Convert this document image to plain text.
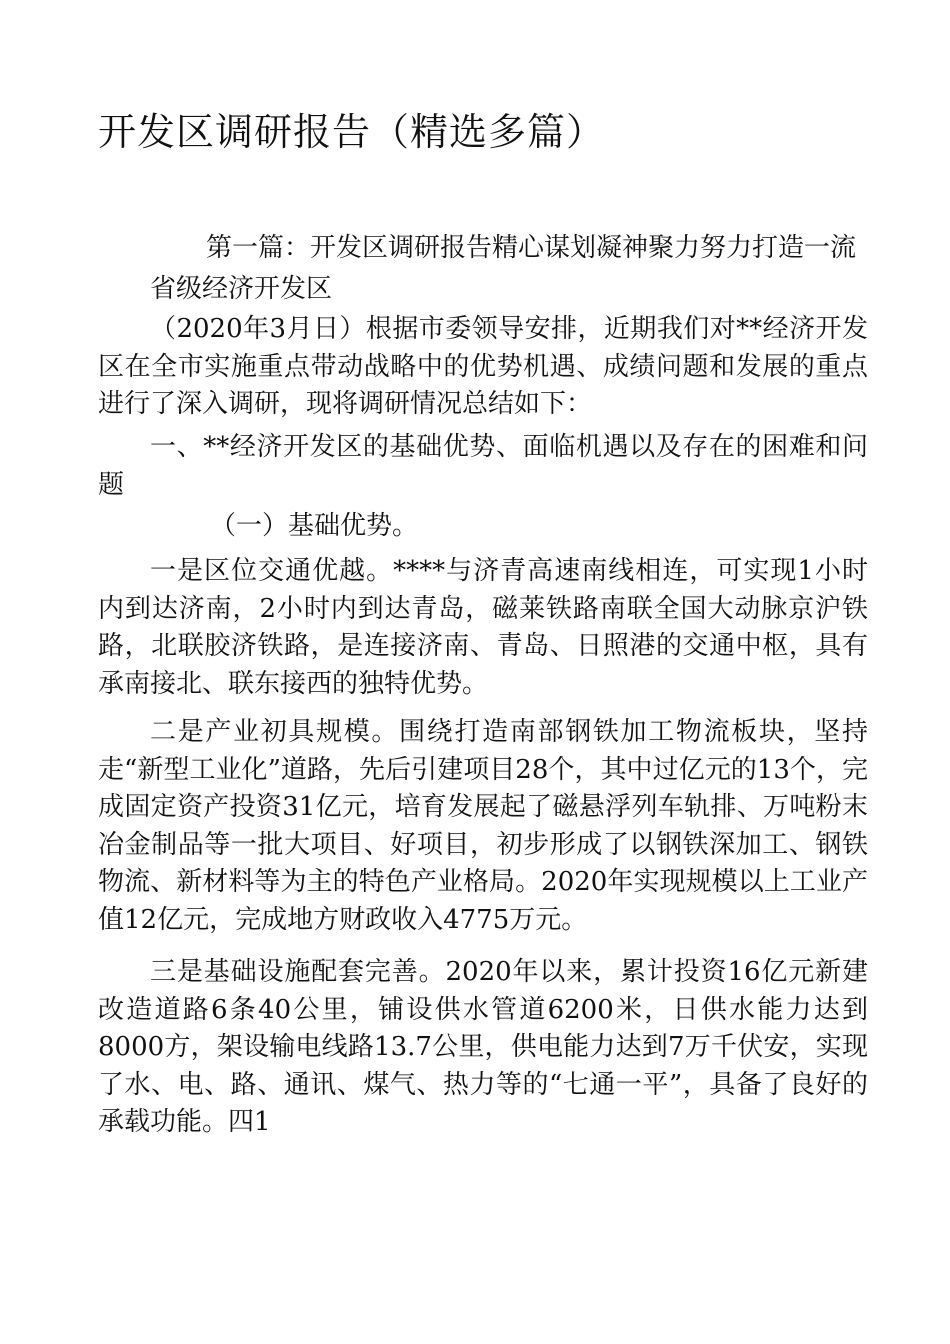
开发区调研报告（精选多篇）

第一篇：开发区调研报告精心谋划凝神聚力努力打造一流省级经济开发区

（2020年3月日）根据市委领导安排，近期我们对**经济开发区在全市实施重点带动战略中的优势机遇、成绩问题和发展的重点进行了深入调研，现将调研情况总结如下：

一、**经济开发区的基础优势、面临机遇以及存在的困难和问题

（一）基础优势。

一是区位交通优越。****与济青高速南线相连，可实现1小时内到达济南，2小时内到达青岛，磁莱铁路南联全国大动脉京沪铁路，北联胶济铁路，是连接济南、青岛、日照港的交通中枢，具有承南接北、联东接西的独特优势。

二是产业初具规模。围绕打造南部钢铁加工物流板块，坚持走“新型工业化”道路，先后引建项目28个，其中过亿元的13个，完成固定资产投资31亿元，培育发展起了磁悬浮列车轨排、万吨粉末冶金制品等一批大项目、好项目，初步形成了以钢铁深加工、钢铁物流、新材料等为主的特色产业格局。2020年实现规模以上工业产值12亿元，完成地方财政收入4775万元。

三是基础设施配套完善。2020年以来，累计投资16亿元新建改造道路6条40公里，铺设供水管道6200米，日供水能力达到8000方，架设输电线路13.7公里，供电能力达到7万千伏安，实现了水、电、路、通讯、煤气、热力等的“七通一平”，具备了良好的承载功能。四1
